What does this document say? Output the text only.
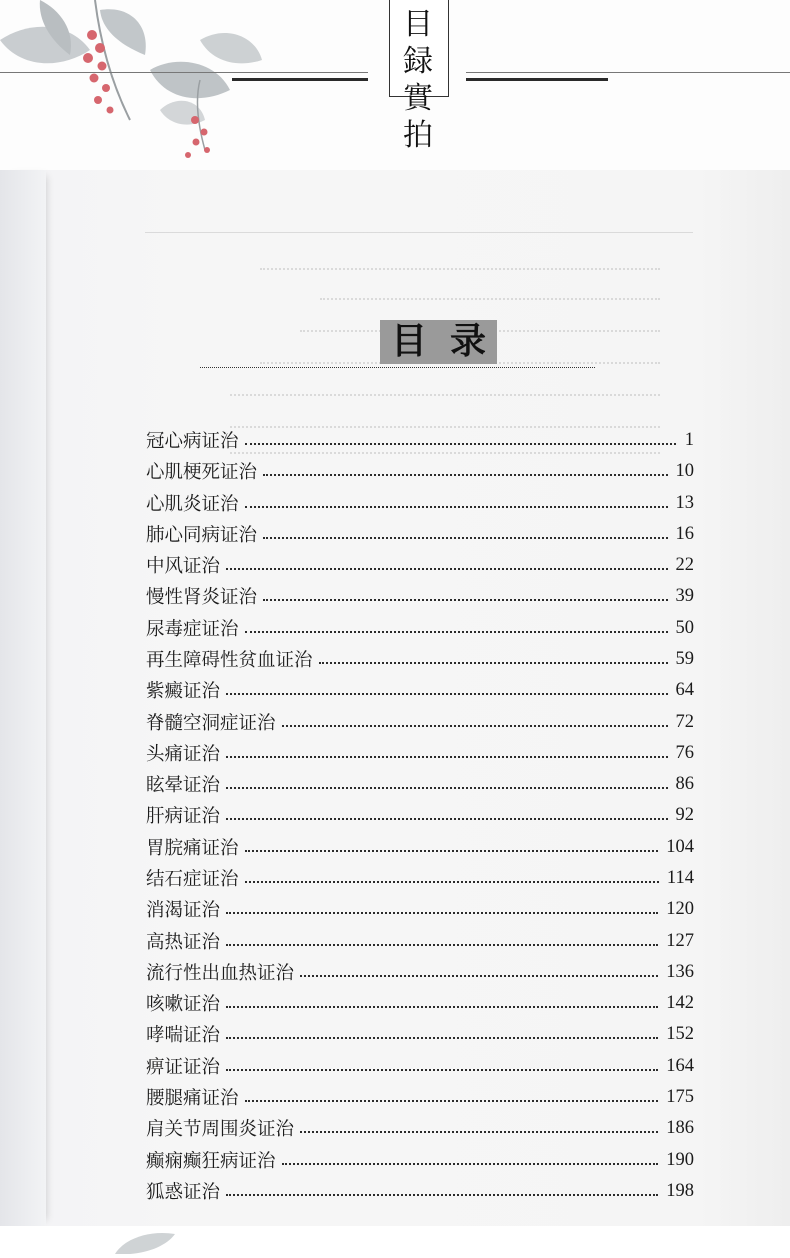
目
録
實
拍
目 录
冠心病证治	1
心肌梗死证治	10
心肌炎证治	13
肺心同病证治	16
中风证治	22
慢性肾炎证治	39
尿毒症证治	50
再生障碍性贫血证治	59
紫癜证治	64
脊髓空洞症证治	72
头痛证治	76
眩晕证治	86
肝病证治	92
胃脘痛证治	104
结石症证治	114
消渴证治	120
高热证治	127
流行性出血热证治	136
咳嗽证治	142
哮喘证治	152
痹证证治	164
腰腿痛证治	175
肩关节周围炎证治	186
癫痫癫狂病证治	190
狐惑证治	198
